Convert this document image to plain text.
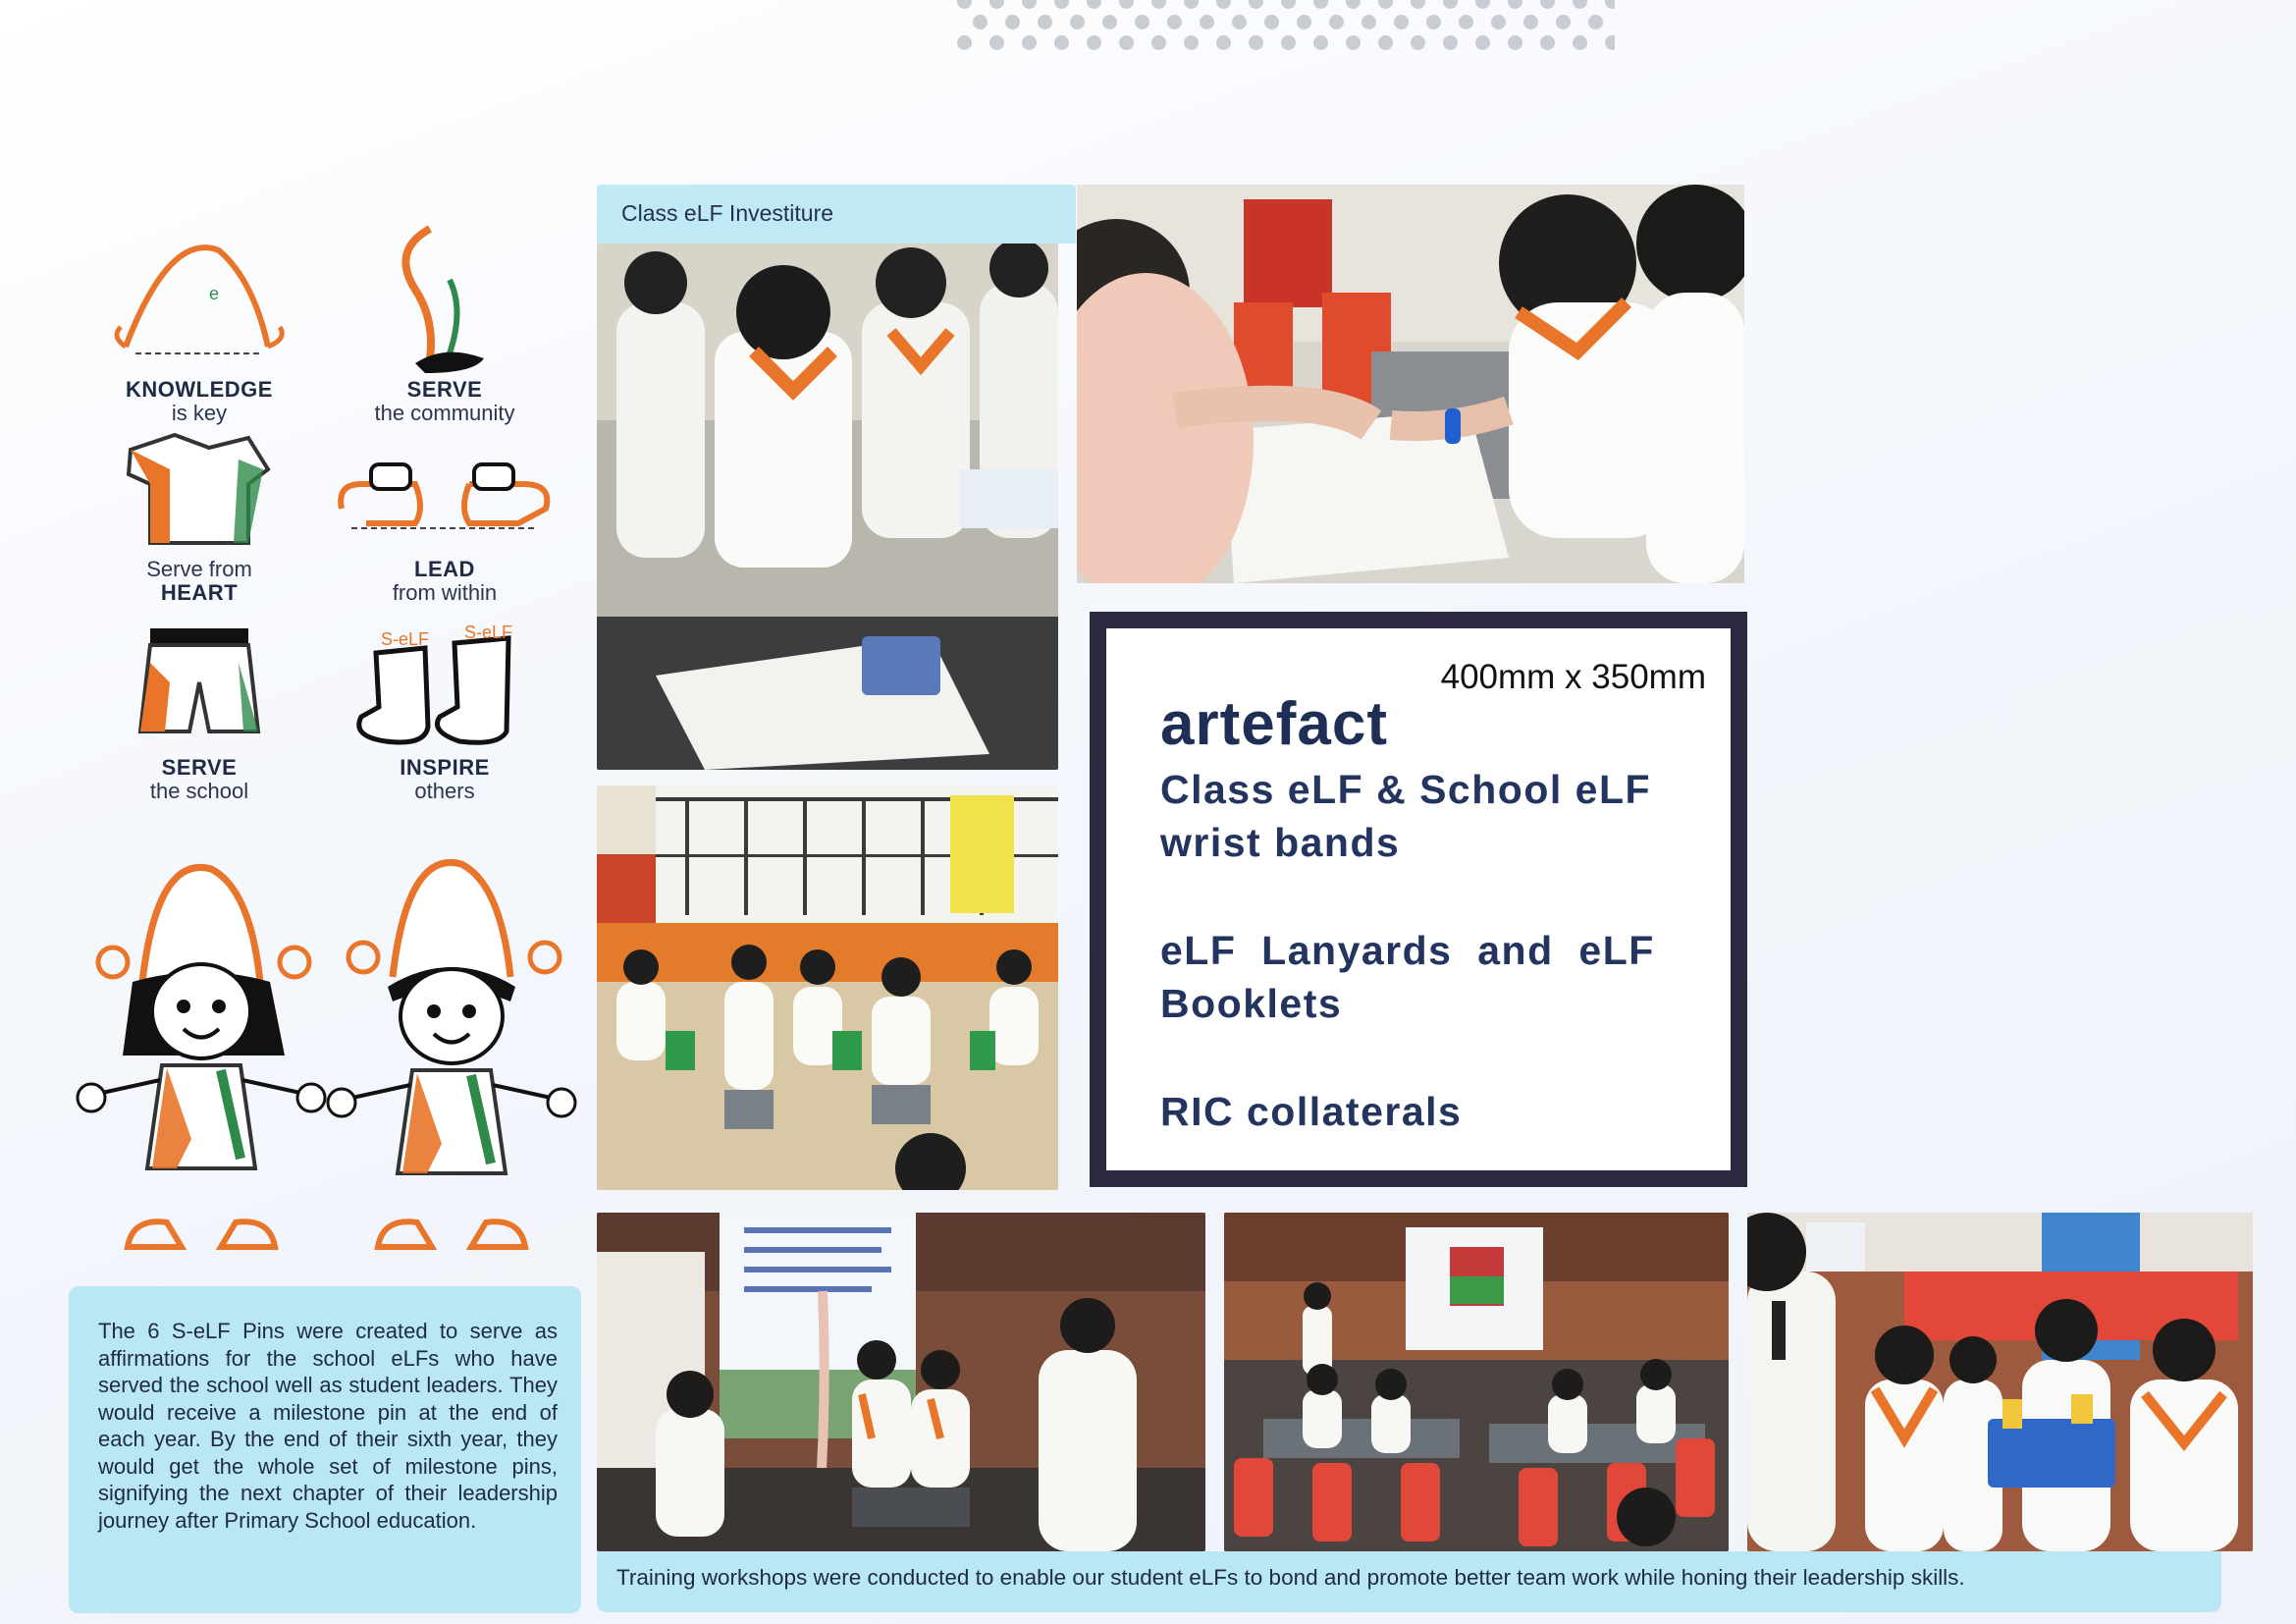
e
KNOWLEDGE
is key
SERVE
the community
Serve from
HEART
LEAD
from within
SERVE
the school
S-eLF S-eLF
INSPIRE
others
The 6 S-eLF Pins were created to serve as affirmations for the school eLFs who have served the school well as student leaders. They would receive a milestone pin at the end of each year. By the end of their sixth year, they would get the whole set of milestone pins, signifying the next chapter of their leadership journey after Primary School education.
Class eLF Investiture
Training workshops were conducted to enable our student eLFs to bond and promote better team work while honing their leadership skills.
400mm x 350mm
artefact
Class eLF & School eLF
wrist bands
eLF  Lanyards  and  eLF
Booklets
RIC collaterals
